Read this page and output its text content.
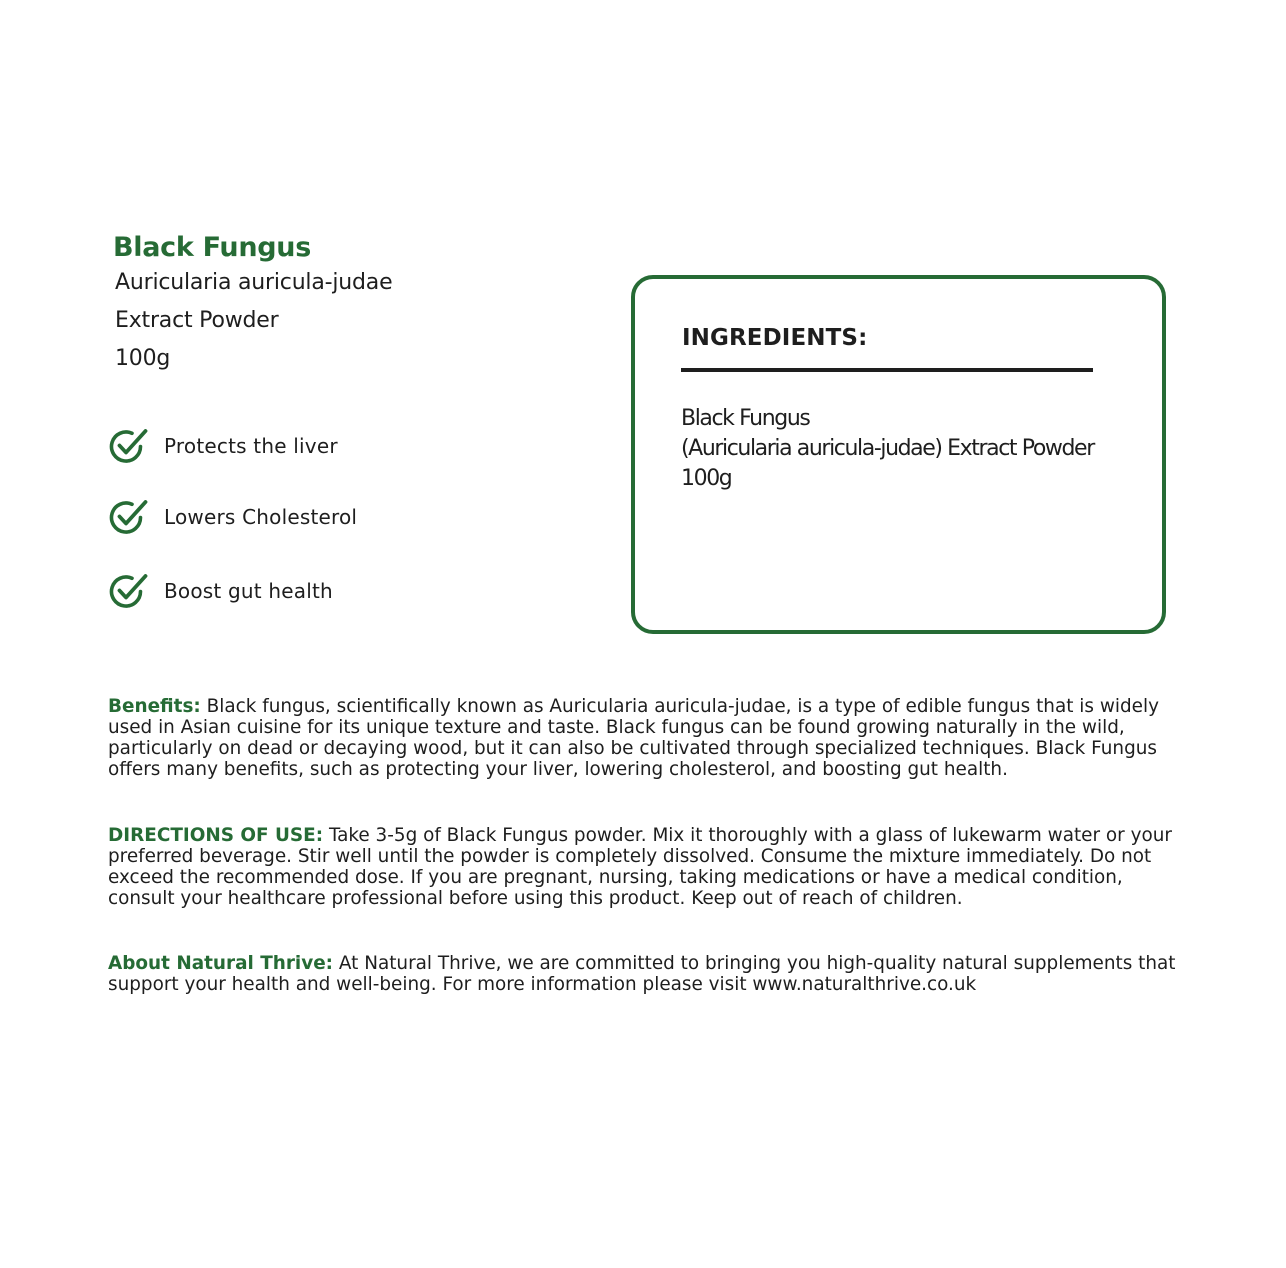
Black Fungus

Auricularia auricula-judae

Extract Powder

100g

Protects the liver
Lowers Cholesterol
Boost gut health
INGREDIENTS:

Black Fungus

(Auricularia auricula-judae) Extract Powder

100g

Benefits: Black fungus, scientifically known as Auricularia auricula-judae, is a type of edible fungus that is widely used in Asian cuisine for its unique texture and taste. Black fungus can be found growing naturally in the wild, particularly on dead or decaying wood, but it can also be cultivated through specialized techniques. Black Fungus offers many benefits, such as protecting your liver, lowering cholesterol, and boosting gut health.

DIRECTIONS OF USE: Take 3-5g of Black Fungus powder. Mix it thoroughly with a glass of lukewarm water or your preferred beverage. Stir well until the powder is completely dissolved. Consume the mixture immediately. Do not exceed the recommended dose. If you are pregnant, nursing, taking medications or have a medical condition, consult your healthcare professional before using this product. Keep out of reach of children.

About Natural Thrive: At Natural Thrive, we are committed to bringing you high-quality natural supplements that support your health and well-being. For more information please visit www.naturalthrive.co.uk
